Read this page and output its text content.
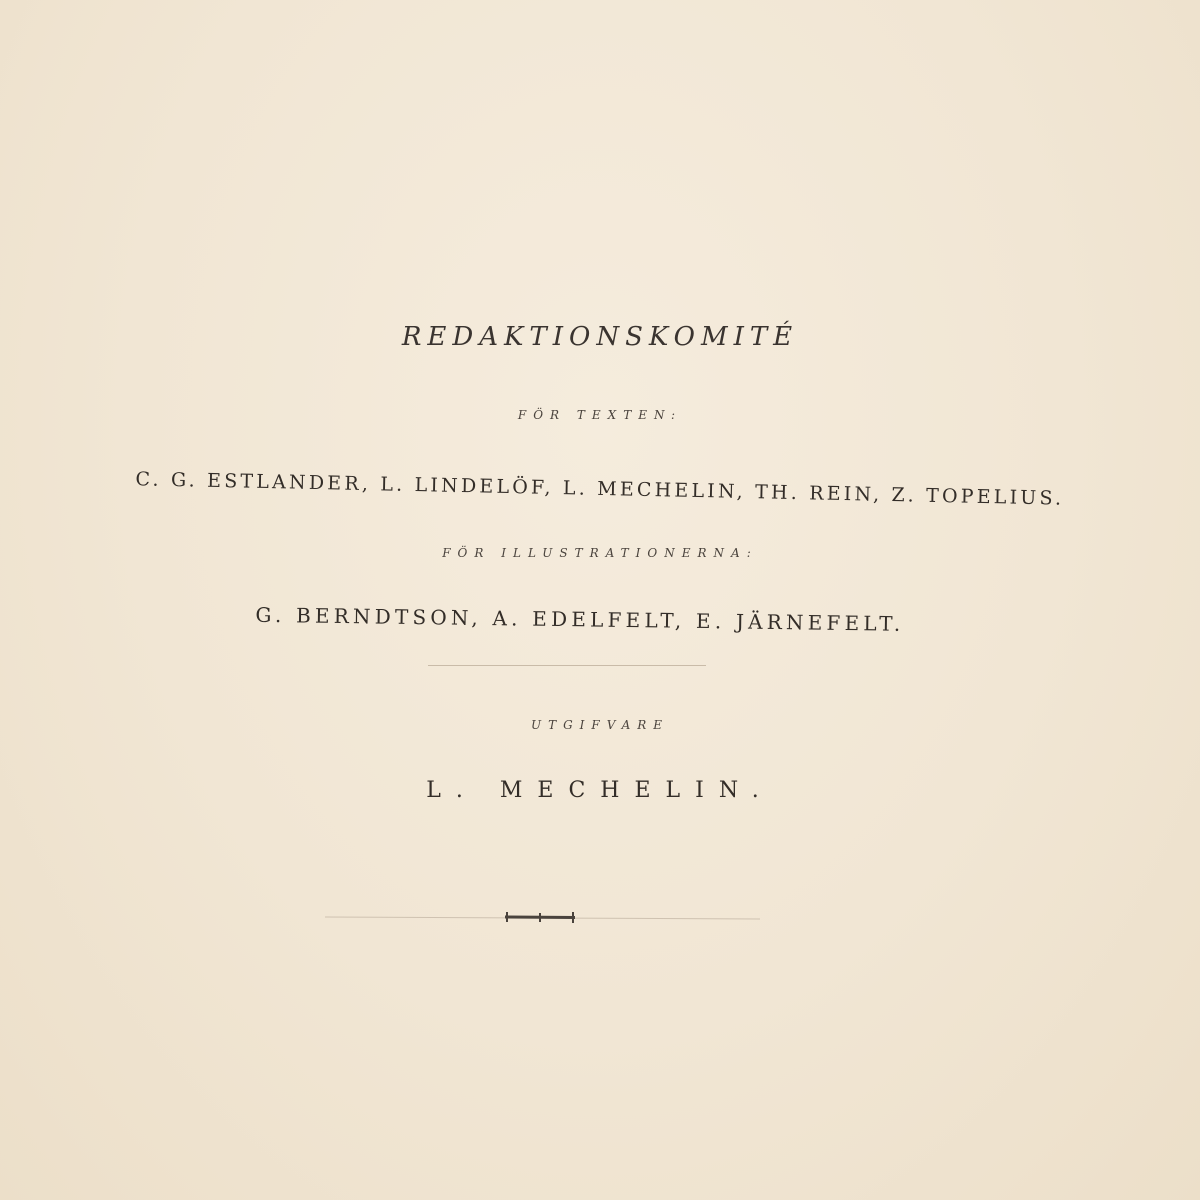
REDAKTIONSKOMITÉ
FÖR TEXTEN:
C. G. ESTLANDER, L. LINDELÖF, L. MECHELIN, TH. REIN, Z. TOPELIUS.
FÖR ILLUSTRATIONERNA:
G. BERNDTSON, A. EDELFELT, E. JÄRNEFELT.
UTGIFVARE
L. MECHELIN.
